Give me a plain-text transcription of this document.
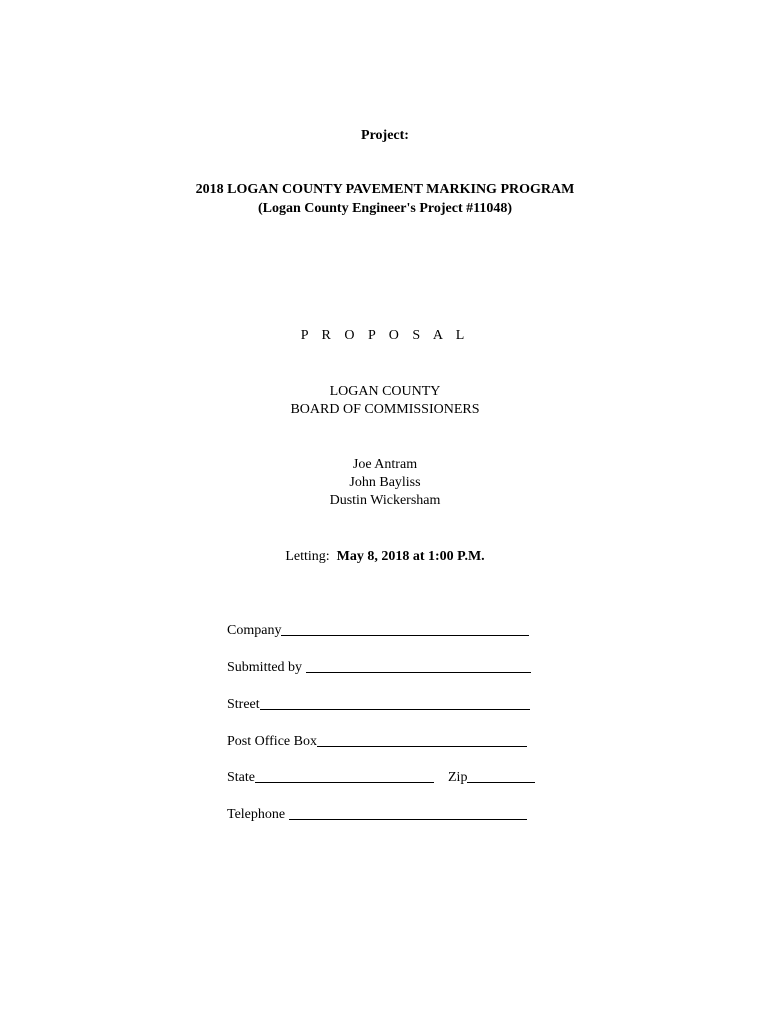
Project:
2018 LOGAN COUNTY PAVEMENT MARKING PROGRAM
(Logan County Engineer's Project #11048)
P R O P O S A L
LOGAN COUNTY
BOARD OF COMMISSIONERS
Joe Antram
John Bayliss
Dustin Wickersham
Letting: May 8, 2018 at 1:00 P.M.
Company
Submitted by
Street
Post Office Box
State	Zip
Telephone
